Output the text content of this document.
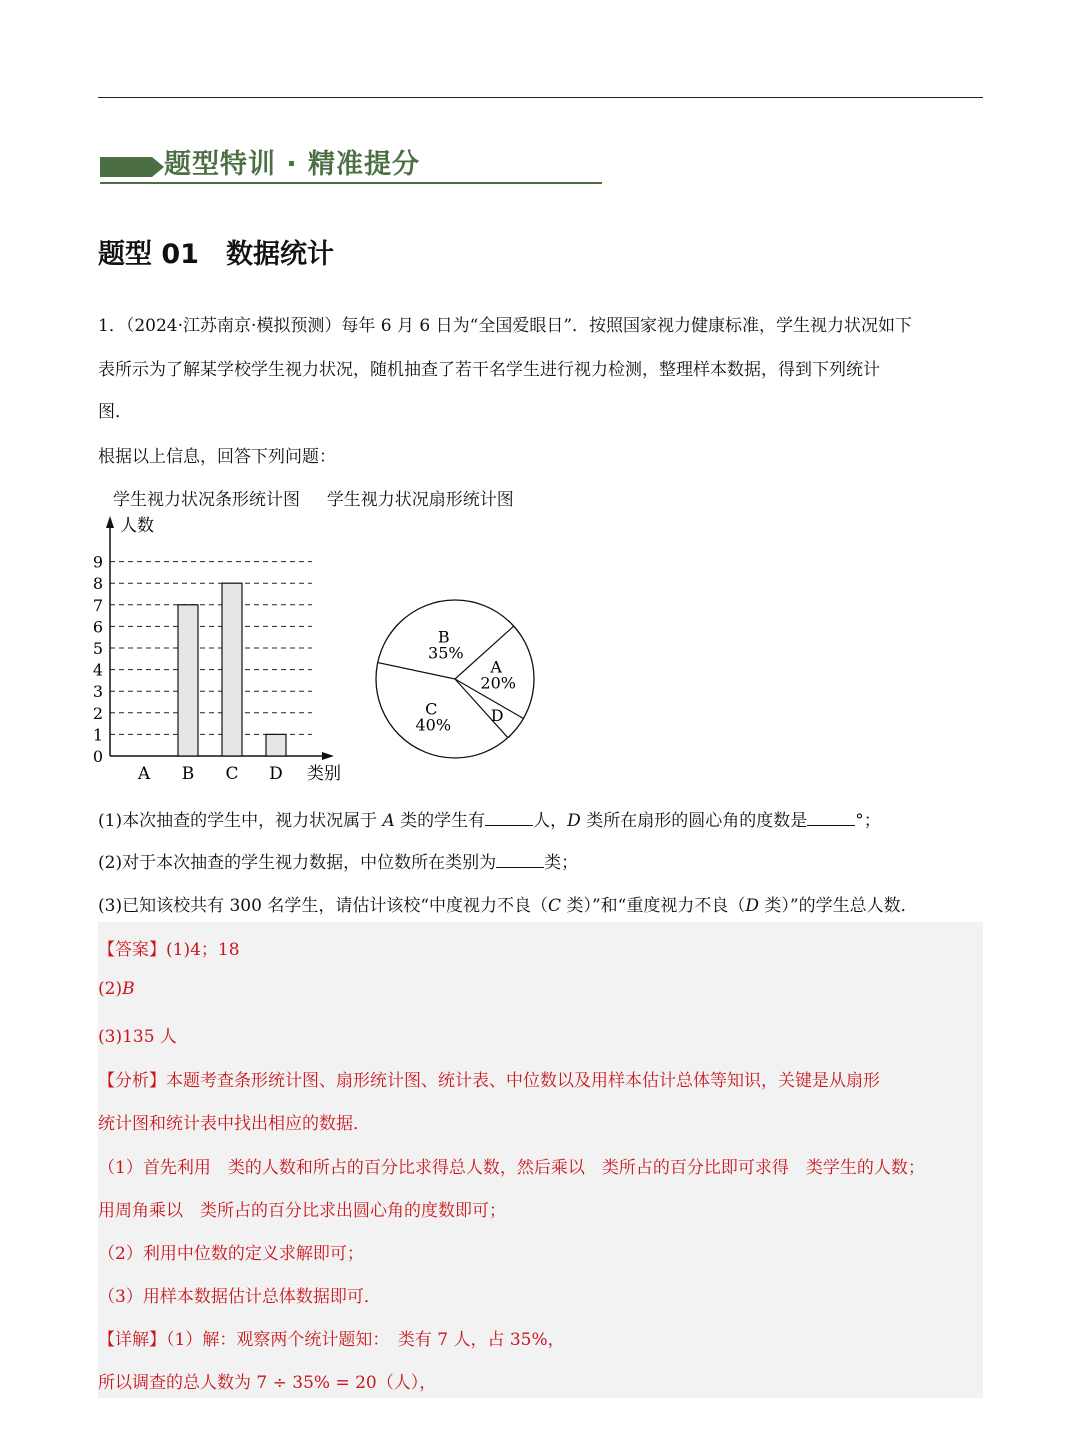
题型特训 · 精准提分
题型 01　数据统计
1．（2024·江苏南京·模拟预测）每年 6 月 6 日为“全国爱眼日”．按照国家视力健康标准，学生视力状况如下
表所示为了解某学校学生视力状况，随机抽查了若干名学生进行视力检测，整理样本数据，得到下列统计
图．
根据以上信息，回答下列问题：
学生视力状况条形统计图 学生视力状况扇形统计图
人数
类别
0
1
2
3
4
5
6
7
8
9
A B C D
B
35%
A
20%
D
C
40%
(1)本次抽查的学生中，视力状况属于 A 类的学生有	人，D 类所在扇形的圆心角的度数是	°；
(2)对于本次抽查的学生视力数据，中位数所在类别为	类；
(3)已知该校共有 300 名学生，请估计该校“中度视力不良（C 类）”和“重度视力不良（D 类）”的学生总人数．
【答案】(1)4；18
(2)B
(3)135 人
【分析】本题考查条形统计图、扇形统计图、统计表、中位数以及用样本估计总体等知识，关键是从扇形
统计图和统计表中找出相应的数据．
（1）首先利用　类的人数和所占的百分比求得总人数，然后乘以　类所占的百分比即可求得　类学生的人数；
用周角乘以　类所占的百分比求出圆心角的度数即可；
（2）利用中位数的定义求解即可；
（3）用样本数据估计总体数据即可．
【详解】（1）解：观察两个统计题知：　类有 7 人，占 35%，
所以调查的总人数为 7 ÷ 35% = 20（人），
